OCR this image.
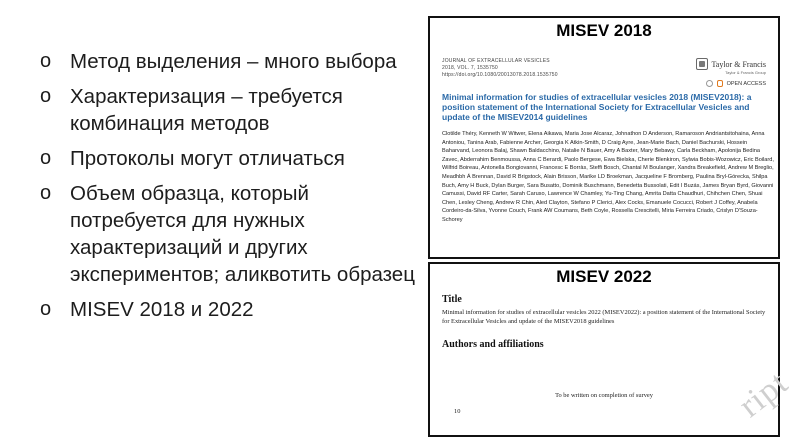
o Метод выделения – много выбора
o Характеризация – требуется комбинация методов
o Протоколы могут отличаться
o Объем образца, который потребуется для нужных характеризаций и других экспериментов; аликвотить образец
o MISEV 2018 и 2022
MISEV 2018
JOURNAL OF EXTRACELLULAR VESICLES
2018, VOL. 7, 1535750
https://doi.org/10.1080/20013078.2018.1535750
Taylor & Francis
Taylor & Francis Group
OPEN ACCESS
Minimal information for studies of extracellular vesicles 2018 (MISEV2018): a position statement of the International Society for Extracellular Vesicles and update of the MISEV2014 guidelines
Clotilde Théry, Kenneth W Witwer, Elena Aikawa, Maria Jose Alcaraz, Johnathon D Anderson, Ramaroson Andriantsitohaina, Anna Antoniou, Tanina Arab, Fabienne Archer, Georgia K Atkin-Smith, D Craig Ayre, Jean-Marie Bach, Daniel Bachurski, Hossein Baharvand, Leonora Balaj, Shawn Baldacchino, Natalie N Bauer, Amy A Baxter, Mary Bebawy, Carla Beckham, Apolonija Bedina Zavec, Abderrahim Benmoussa, Anna C Berardi, Paolo Bergese, Ewa Bielska, Cherie Blenkiron, Sylwia Bobis-Wozowicz, Eric Boilard, Wilfrid Boireau, Antonella Bongiovanni, Francesc E Borràs, Steffi Bosch, Chantal M Boulanger, Xandra Breakefield, Andrew M Breglio, Meadhbh Á Brennan, David R Brigstock, Alain Brisson, Marike LD Broekman, Jacqueline F Bromberg, Paulina Bryl-Górecka, Shilpa Buch, Amy H Buck, Dylan Burger, Sara Busatto, Dominik Buschmann, Benedetta Bussolati, Edit I Buzás, James Bryan Byrd, Giovanni Camussi, David RF Carter, Sarah Caruso, Lawrence W Chamley, Yu-Ting Chang, Amrita Datta Chaudhuri, Chihchen Chen, Shuai Chen, Lesley Cheng, Andrew R Chin, Aled Clayton, Stefano P Clerici, Alex Cocks, Emanuele Cocucci, Robert J Coffey, Anabela Cordeiro-da-Silva, Yvonne Couch, Frank AW Coumans, Beth Coyle, Rossella Crescitelli, Miria Ferreira Criado, Crislyn D'Souza-Schorey
MISEV 2022
Title
Minimal information for studies of extracellular vesicles 2022 (MISEV2022): a position statement of the International Society for Extracellular Vesicles and update of the MISEV2018 guidelines
Authors and affiliations
To be written on completion of survey
10	ript
